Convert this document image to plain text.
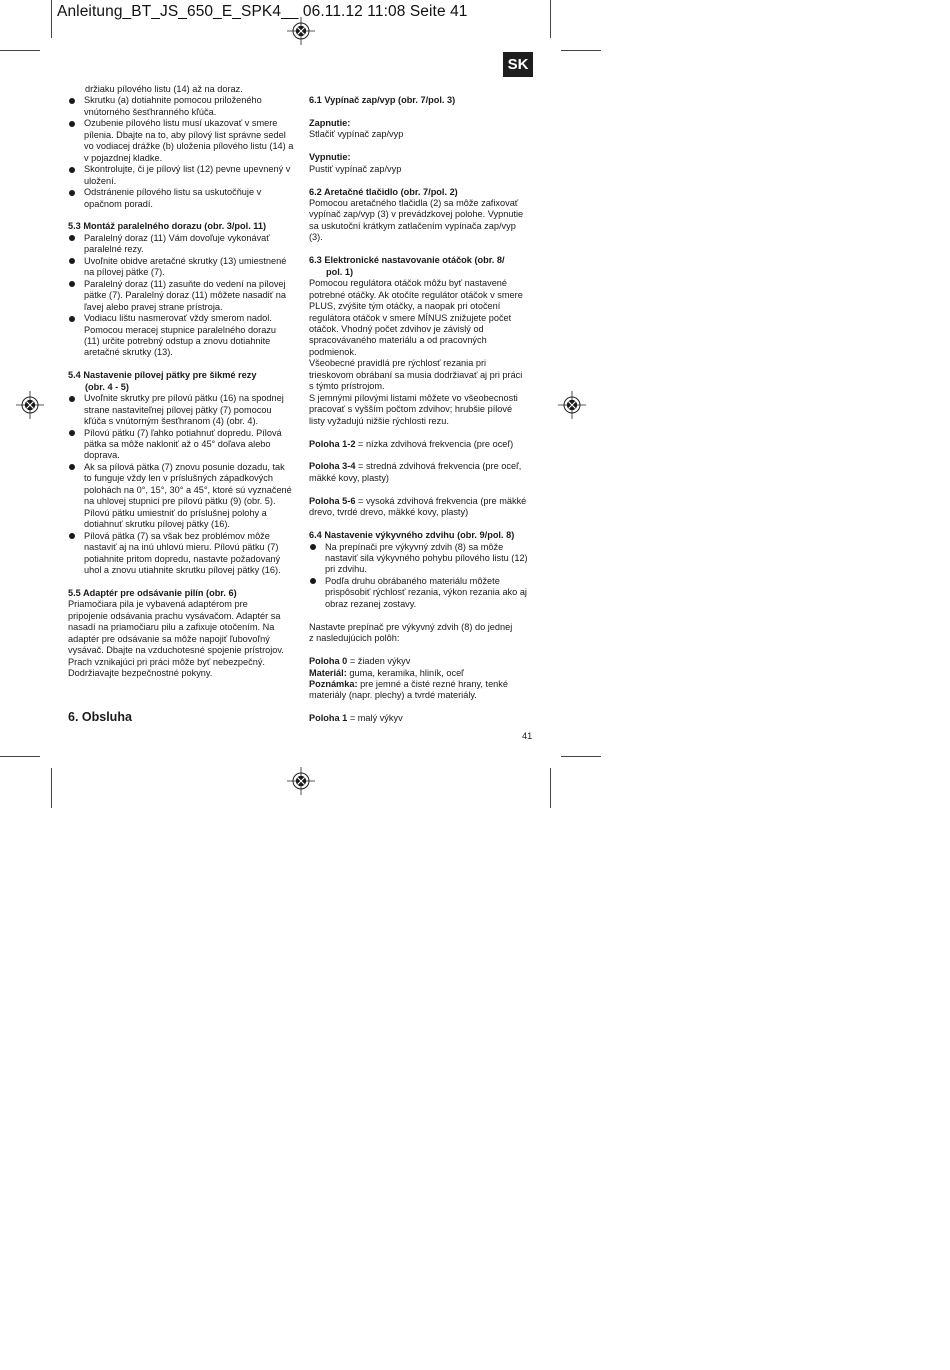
Anleitung_BT_JS_650_E_SPK4__ 06.11.12 11:08 Seite 41
SK

držiaku pílového listu (14) až na doraz.

Skrutku (a) dotiahnite pomocou priloženého vnútorného šesťhranného kľúča.

Ozubenie pílového listu musí ukazovať v smere pílenia. Dbajte na to, aby pílový list správne sedel vo vodiacej drážke (b) uloženia pílového listu (14) a v pojazdnej kladke.

Skontrolujte, či je pílový list (12) pevne upevnený v uložení.

Odstránenie pílového listu sa uskutočňuje v opačnom poradí.

5.3 Montáž paralelného dorazu (obr. 3/pol. 11)

Paralelný doraz (11) Vám dovoľuje vykonávať paralelné rezy.

Uvoľnite obidve aretačné skrutky (13) umiestnené na pílovej pätke (7).

Paralelný doraz (11) zasuňte do vedení na pílovej pätke (7). Paralelný doraz (11) môžete nasadiť na ľavej alebo pravej strane prístroja.

Vodiacu lištu nasmerovať vždy smerom nadol. Pomocou meracej stupnice paralelného dorazu (11) určite potrebný odstup a znovu dotiahnite aretačné skrutky (13).

5.4 Nastavenie pílovej pätky pre šikmé rezy

(obr. 4 - 5)

Uvoľnite skrutky pre pílovú pätku (16) na spodnej strane nastaviteľnej pílovej pätky (7) pomocou kľúča s vnútorným šesťhranom (4) (obr. 4).

Pílovú pätku (7) ľahko potiahnuť dopredu. Pílová pätka sa môže nakloniť až o 45° doľava alebo doprava.

Ak sa pílová pätka (7) znovu posunie dozadu, tak to funguje vždy len v príslušných západkových polohách na 0°, 15°, 30° a 45°, ktoré sú vyznačené na uhlovej stupnici pre pílovú pätku (9) (obr. 5). Pílovú pätku umiestniť do príslušnej polohy a dotiahnuť skrutku pílovej pätky (16).

Pílová pätka (7) sa však bez problémov môže nastaviť aj na inú uhlovú mieru. Pílovú pätku (7) potiahnite pritom dopredu, nastavte požadovaný uhol a znovu utiahnite skrutku pílovej pätky (16).

5.5 Adaptér pre odsávanie pilín (obr. 6)

Priamočiara pila je vybavená adaptérom pre

pripojenie odsávania prachu vysávačom. Adaptér sa

nasadí na priamočiaru pilu a zafixuje otočením. Na

adaptér pre odsávanie sa môže napojiť ľubovoľný

vysávač. Dbajte na vzduchotesné spojenie prístrojov.

Prach vznikajúci pri práci môže byť nebezpečný.

Dodržiavajte bezpečnostné pokyny.

6. Obsluha

6.1 Vypínač zap/vyp (obr. 7/pol. 3)

Zapnutie:

Stlačiť vypínač zap/vyp

Vypnutie:

Pustiť vypínač zap/vyp

6.2 Aretačné tlačidlo (obr. 7/pol. 2)

Pomocou aretačného tlačidla (2) sa môže zafixovať

vypínač zap/vyp (3) v prevádzkovej polohe. Vypnutie

sa uskutoční krátkym zatlačením vypínača zap/vyp

(3).

6.3 Elektronické nastavovanie otáčok (obr. 8/

pol. 1)

Pomocou regulátora otáčok môžu byť nastavené

potrebné otáčky. Ak otočíte regulátor otáčok v smere

PLUS, zvýšite tým otáčky, a naopak pri otočení

regulátora otáčok v smere MÍNUS znižujete počet

otáčok. Vhodný počet zdvihov je závislý od

spracovávaného materiálu a od pracovných

podmienok.

Všeobecné pravidlá pre rýchlosť rezania pri

trieskovom obrábaní sa musia dodržiavať aj pri práci

s týmto prístrojom.

S jemnými pílovými listami môžete vo všeobecnosti

pracovať s vyšším počtom zdvihov; hrubšie pílové

listy vyžadujú nižšie rýchlosti rezu.

Poloha 1-2 = nízka zdvihová frekvencia (pre oceľ)

Poloha 3-4 = stredná zdvihová frekvencia (pre oceľ,

mäkké kovy, plasty)

Poloha 5-6 = vysoká zdvihová frekvencia (pre mäkké

drevo, tvrdé drevo, mäkké kovy, plasty)

6.4 Nastavenie výkyvného zdvihu (obr. 9/pol. 8)

Na prepínači pre výkyvný zdvih (8) sa môže nastaviť sila výkyvného pohybu pílového listu (12) pri zdvihu.

Podľa druhu obrábaného materiálu môžete prispôsobiť rýchlosť rezania, výkon rezania ako aj obraz rezanej zostavy.

Nastavte prepínač pre výkyvný zdvih (8) do jednej

z nasledujúcich polôh:

Poloha 0 = žiaden výkyv

Materiál: guma, keramika, hliník, oceľ

Poznámka: pre jemné a čisté rezné hrany, tenké

materiály (napr. plechy) a tvrdé materiály.

Poloha 1 = malý výkyv

41
